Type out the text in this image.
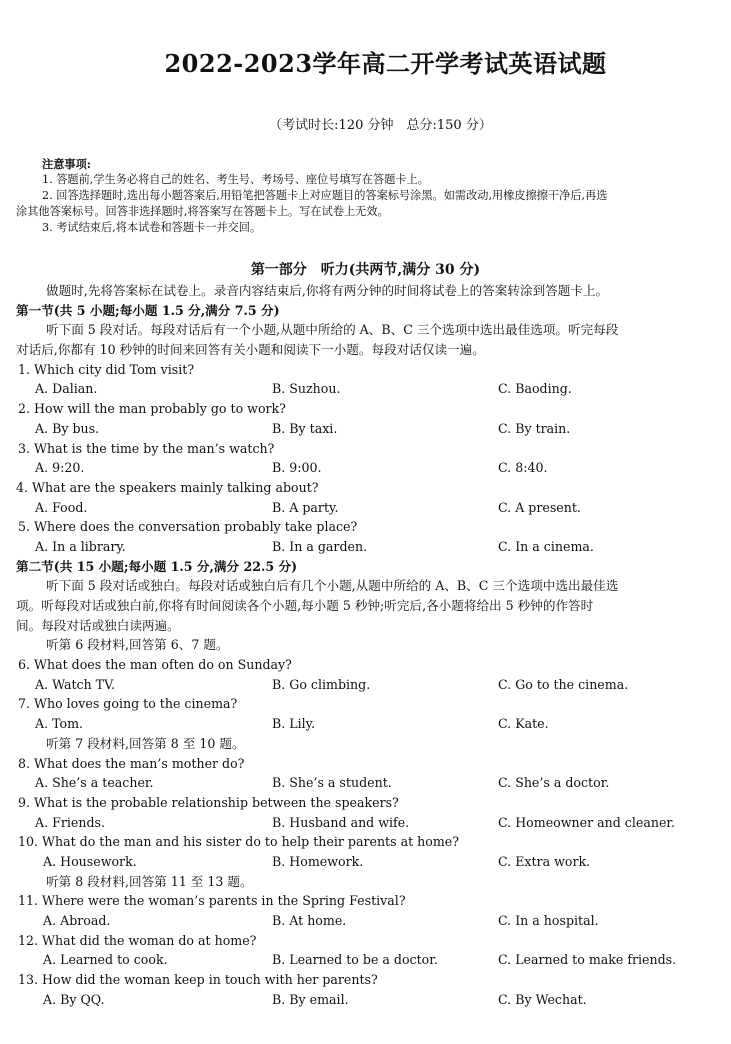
2022-2023学年高二开学考试英语试题
（考试时长:120 分钟　总分:150 分）
注意事项:
1. 答题前,学生务必将自己的姓名、考生号、考场号、座位号填写在答题卡上。
2. 回答选择题时,选出每小题答案后,用铅笔把答题卡上对应题目的答案标号涂黑。如需改动,用橡皮擦擦干净后,再选
涂其他答案标号。回答非选择题时,将答案写在答题卡上。写在试卷上无效。
3. 考试结束后,将本试卷和答题卡一并交回。
第一部分　听力(共两节,满分 30 分)
做题时,先将答案标在试卷上。录音内容结束后,你将有两分钟的时间将试卷上的答案转涂到答题卡上。
第一节(共 5 小题;每小题 1.5 分,满分 7.5 分)
听下面 5 段对话。每段对话后有一个小题,从题中所给的 A、B、C 三个选项中选出最佳选项。听完每段
对话后,你都有 10 秒钟的时间来回答有关小题和阅读下一小题。每段对话仅读一遍。
1. Which city did Tom visit?
A. Dalian.	B. Suzhou.	C. Baoding.
2. How will the man probably go to work?
A. By bus.	B. By taxi.	C. By train.
3. What is the time by the man’s watch?
A. 9:20.	B. 9:00.	C. 8:40.
4. What are the speakers mainly talking about?
A. Food.	B. A party.	C. A present.
5. Where does the conversation probably take place?
A. In a library.	B. In a garden.	C. In a cinema.
第二节(共 15 小题;每小题 1.5 分,满分 22.5 分)
听下面 5 段对话或独白。每段对话或独白后有几个小题,从题中所给的 A、B、C 三个选项中选出最佳选
项。听每段对话或独白前,你将有时间阅读各个小题,每小题 5 秒钟;听完后,各小题将给出 5 秒钟的作答时
间。每段对话或独白读两遍。
听第 6 段材料,回答第 6、7 题。
6. What does the man often do on Sunday?
A. Watch TV.	B. Go climbing.	C. Go to the cinema.
7. Who loves going to the cinema?
A. Tom.	B. Lily.	C. Kate.
听第 7 段材料,回答第 8 至 10 题。
8. What does the man’s mother do?
A. She’s a teacher.	B. She’s a student.	C. She’s a doctor.
9. What is the probable relationship between the speakers?
A. Friends.	B. Husband and wife.	C. Homeowner and cleaner.
10. What do the man and his sister do to help their parents at home?
A. Housework.	B. Homework.	C. Extra work.
听第 8 段材料,回答第 11 至 13 题。
11. Where were the woman’s parents in the Spring Festival?
A. Abroad.	B. At home.	C. In a hospital.
12. What did the woman do at home?
A. Learned to cook.	B. Learned to be a doctor.	C. Learned to make friends.
13. How did the woman keep in touch with her parents?
A. By QQ.	B. By email.	C. By Wechat.
